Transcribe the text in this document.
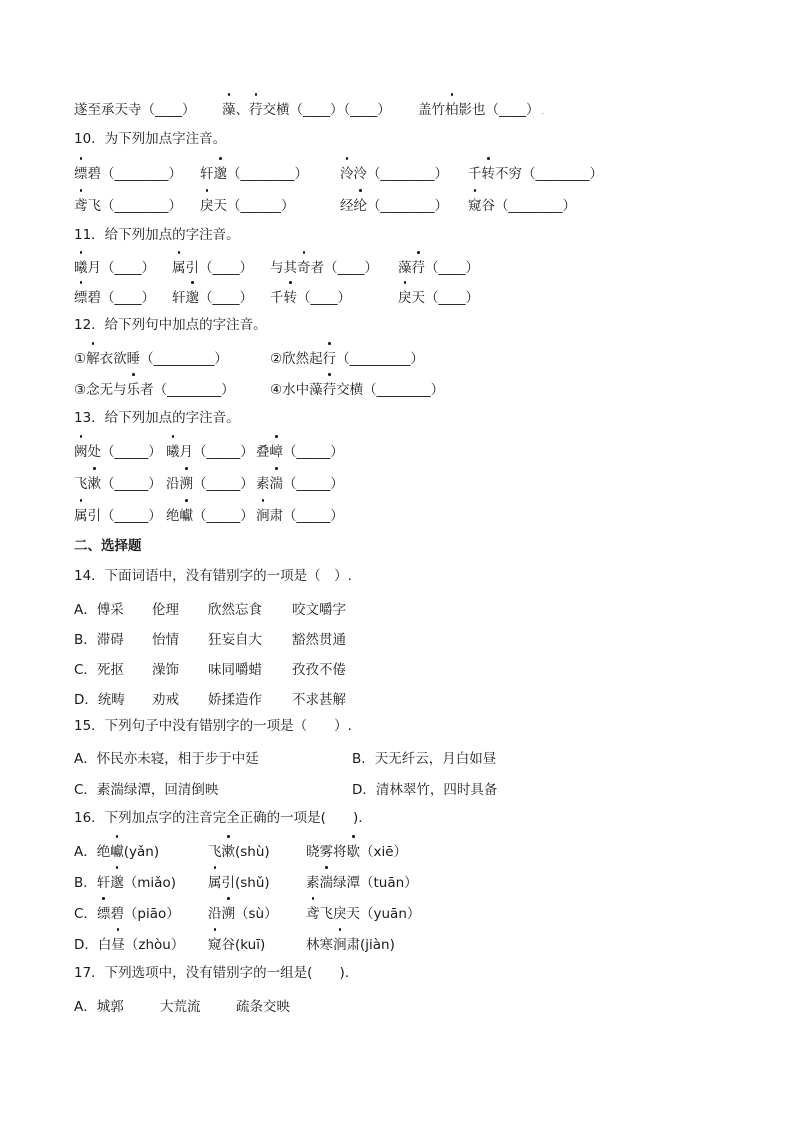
遂至承天寺（____） 藻、荇交横（____）（____） 盖竹柏影也（____） .
10．为下列加点字注音。
缥碧（________） 轩邈（________） 泠泠（________） 千转不穷（________）
鸢飞（________） 戾天（______）	经纶（________） 窥谷（________）
11．给下列加点的字注音。
曦月（____） 属引（____） 与其奇者（____） 藻荇（____）
缥碧（____） 轩邈（____） 千转（____）	戾天（____）
12．给下列句中加点的字注音。
①解衣欲睡（_________）	②欣然起行（_________）
③念无与乐者（________）	④水中藻荇交横（________）
13．给下列加点的字注音。
阙处（_____） 曦月（_____） 叠嶂（_____）
飞漱（_____） 沿溯（_____） 素湍（_____）
属引（_____） 绝巘（_____） 涧肃（_____）
二、选择题
14．下面词语中，没有错别字的一项是（　）.
A．傅采 伦理 欣然忘食 咬文嚼字
B．滞碍 怡情 狂妄自大 豁然贯通
C．死抠 澡饰 味同嚼蜡 孜孜不倦
D．统畴 劝戒 娇揉造作 不求甚解
15．下列句子中没有错别字的一项是（　　）.
A．怀民亦未寝，相于步于中廷	B．天无纤云，月白如昼
C．素湍绿潭，回清倒映	D．清林翠竹，四时具备
16．下列加点字的注音完全正确的一项是(　　).
A．绝巘(yǎn)	飞漱(shù)	晓雾将歇（xiē）
B．轩邈（miǎo) 属引(shǔ)	素湍绿潭（tuān）
C．缥碧（piāo） 沿溯（sù） 鸢飞戾天（yuān）
D．白昼（zhòu） 窥谷(kuī)	林寒涧肃(jiàn)
17．下列选项中，没有错别字的一组是(　　).
A．城郭	大荒流	疏条交映
